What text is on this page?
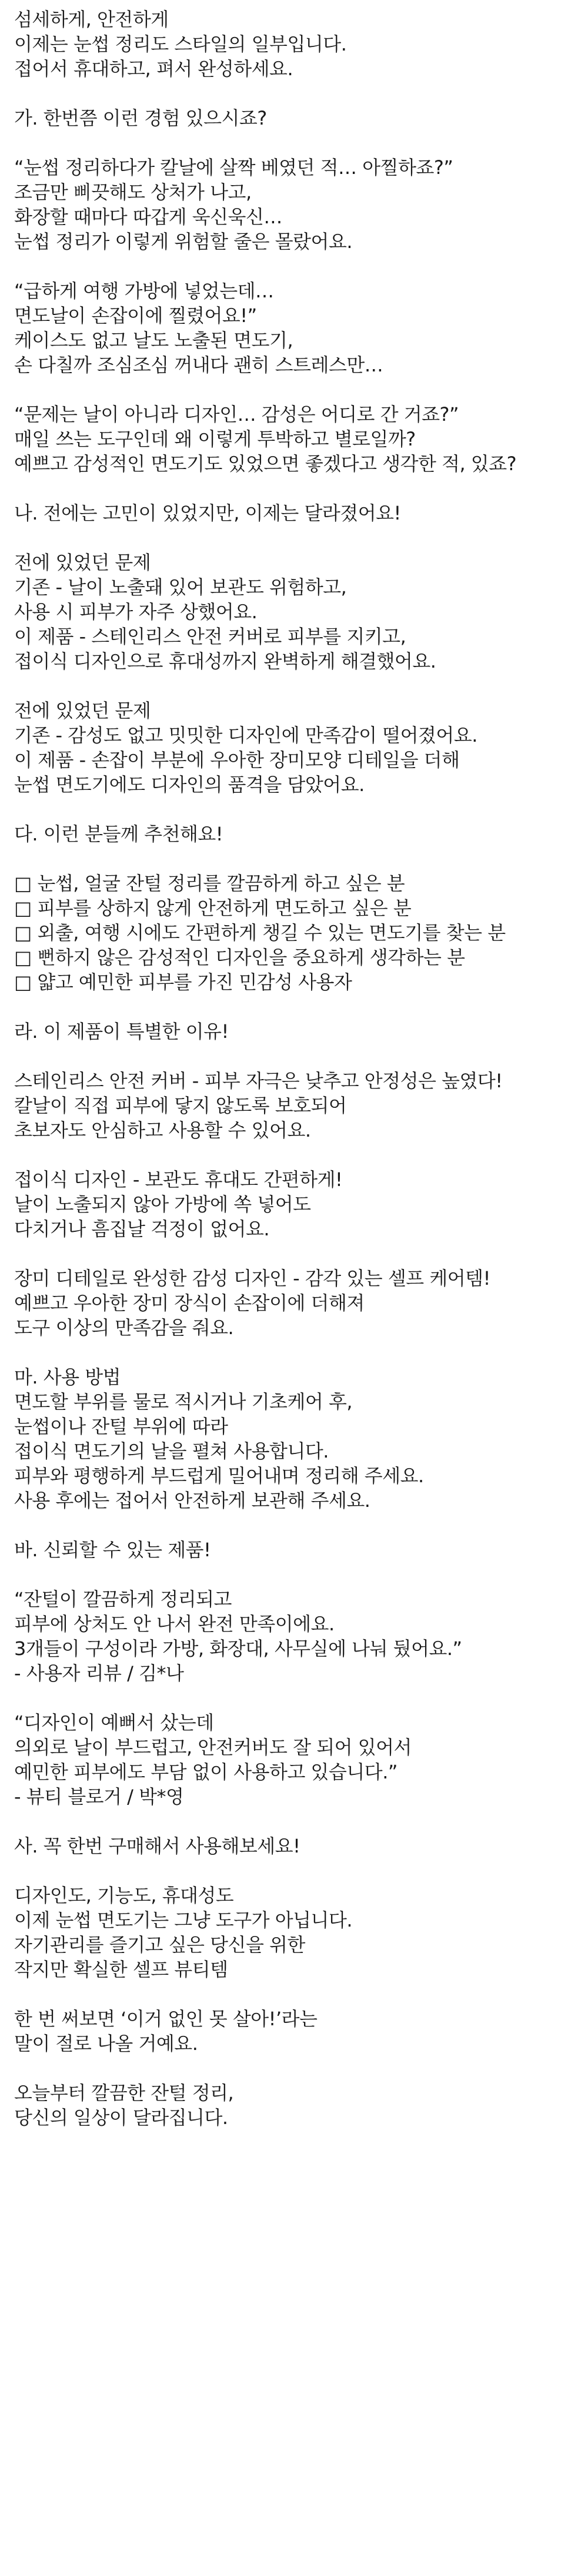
섬세하게, 안전하게
이제는 눈썹 정리도 스타일의 일부입니다.
접어서 휴대하고, 펴서 완성하세요.
가. 한번쯤 이런 경험 있으시죠?
“눈썹 정리하다가 칼날에 살짝 베였던 적… 아찔하죠?”
조금만 삐끗해도 상처가 나고,
화장할 때마다 따갑게 욱신욱신…
눈썹 정리가 이렇게 위험할 줄은 몰랐어요.
“급하게 여행 가방에 넣었는데…
면도날이 손잡이에 찔렸어요!”
케이스도 없고 날도 노출된 면도기,
손 다칠까 조심조심 꺼내다 괜히 스트레스만…
“문제는 날이 아니라 디자인… 감성은 어디로 간 거죠?”
매일 쓰는 도구인데 왜 이렇게 투박하고 별로일까?
예쁘고 감성적인 면도기도 있었으면 좋겠다고 생각한 적, 있죠?
나. 전에는 고민이 있었지만, 이제는 달라졌어요!
전에 있었던 문제
기존 - 날이 노출돼 있어 보관도 위험하고,
사용 시 피부가 자주 상했어요.
이 제품 - 스테인리스 안전 커버로 피부를 지키고,
접이식 디자인으로 휴대성까지 완벽하게 해결했어요.
전에 있었던 문제
기존 - 감성도 없고 밋밋한 디자인에 만족감이 떨어졌어요.
이 제품 - 손잡이 부분에 우아한 장미모양 디테일을 더해
눈썹 면도기에도 디자인의 품격을 담았어요.
다. 이런 분들께 추천해요!
□ 눈썹, 얼굴 잔털 정리를 깔끔하게 하고 싶은 분
□ 피부를 상하지 않게 안전하게 면도하고 싶은 분
□ 외출, 여행 시에도 간편하게 챙길 수 있는 면도기를 찾는 분
□ 뻔하지 않은 감성적인 디자인을 중요하게 생각하는 분
□ 얇고 예민한 피부를 가진 민감성 사용자
라. 이 제품이 특별한 이유!
스테인리스 안전 커버 - 피부 자극은 낮추고 안정성은 높였다!
칼날이 직접 피부에 닿지 않도록 보호되어
초보자도 안심하고 사용할 수 있어요.
접이식 디자인 - 보관도 휴대도 간편하게!
날이 노출되지 않아 가방에 쏙 넣어도
다치거나 흠집날 걱정이 없어요.
장미 디테일로 완성한 감성 디자인 - 감각 있는 셀프 케어템!
예쁘고 우아한 장미 장식이 손잡이에 더해져
도구 이상의 만족감을 줘요.
마. 사용 방법
면도할 부위를 물로 적시거나 기초케어 후,
눈썹이나 잔털 부위에 따라
접이식 면도기의 날을 펼쳐 사용합니다.
피부와 평행하게 부드럽게 밀어내며 정리해 주세요.
사용 후에는 접어서 안전하게 보관해 주세요.
바. 신뢰할 수 있는 제품!
“잔털이 깔끔하게 정리되고
피부에 상처도 안 나서 완전 만족이에요.
3개들이 구성이라 가방, 화장대, 사무실에 나눠 뒀어요.”
- 사용자 리뷰 / 김*나
“디자인이 예뻐서 샀는데
의외로 날이 부드럽고, 안전커버도 잘 되어 있어서
예민한 피부에도 부담 없이 사용하고 있습니다.”
- 뷰티 블로거 / 박*영
사. 꼭 한번 구매해서 사용해보세요!
디자인도, 기능도, 휴대성도
이제 눈썹 면도기는 그냥 도구가 아닙니다.
자기관리를 즐기고 싶은 당신을 위한
작지만 확실한 셀프 뷰티템
한 번 써보면 ‘이거 없인 못 살아!’라는
말이 절로 나올 거예요.
오늘부터 깔끔한 잔털 정리,
당신의 일상이 달라집니다.
